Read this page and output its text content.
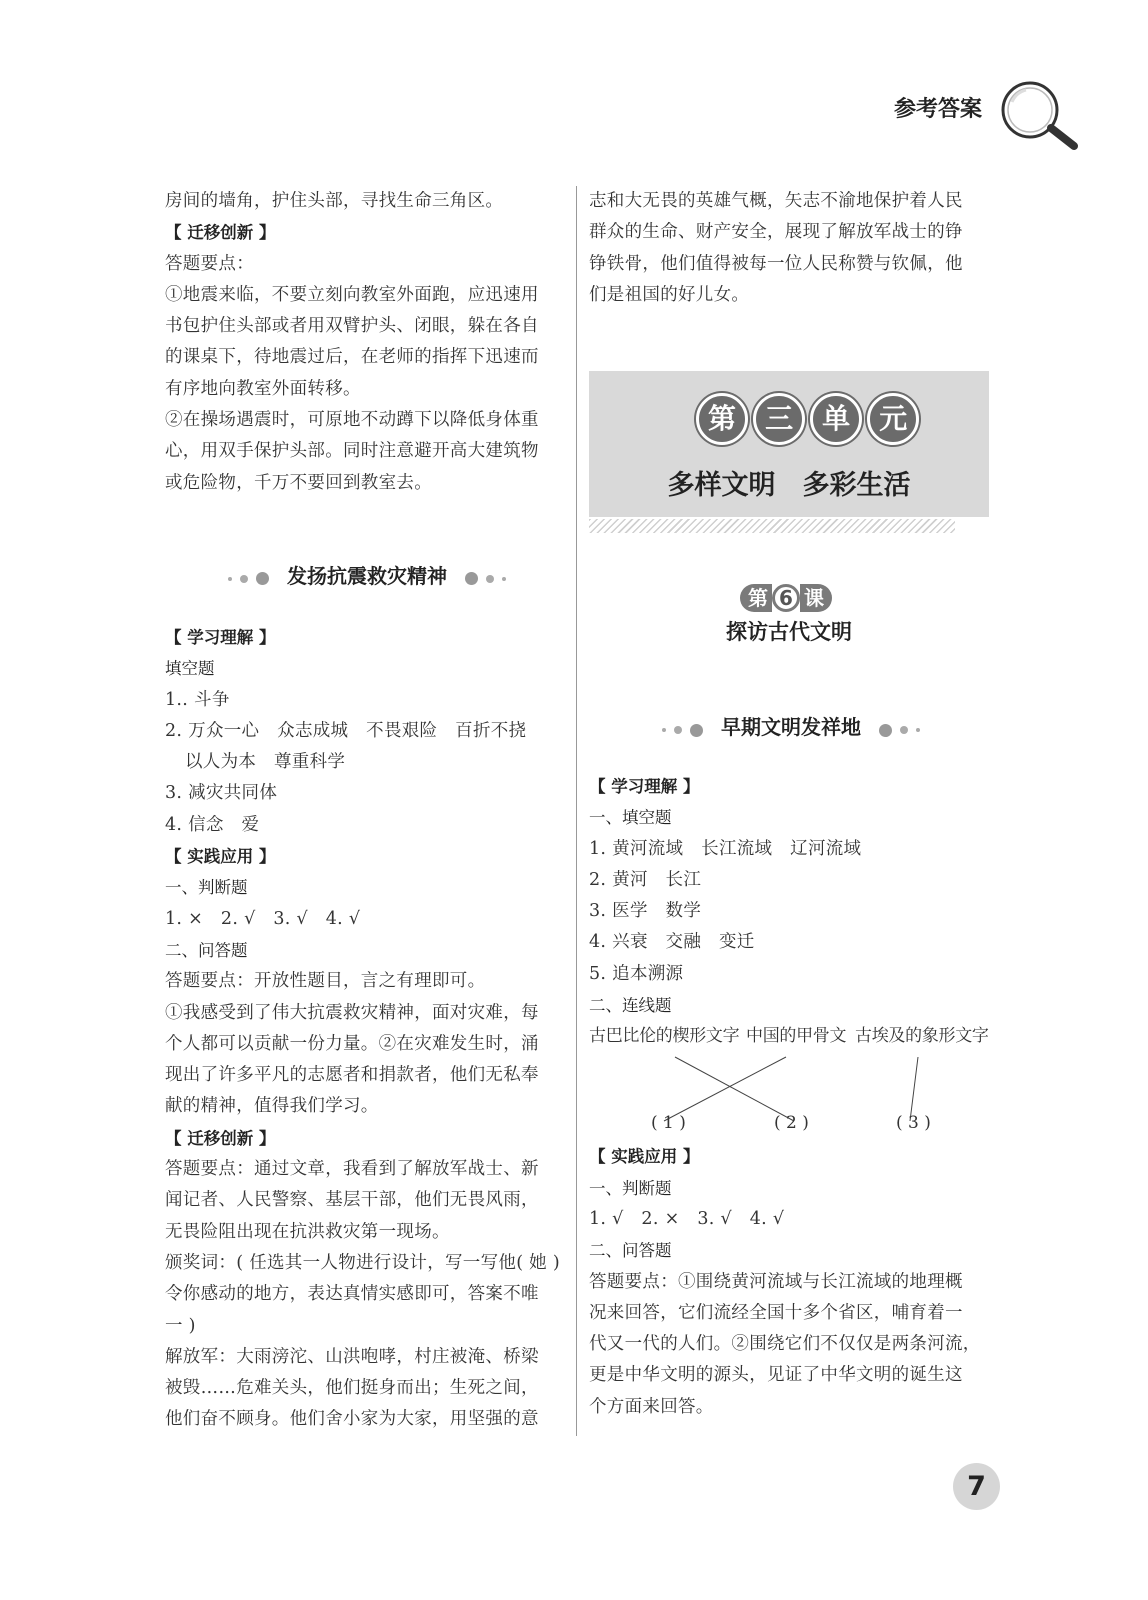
参考答案

房间的墙角，护住头部，寻找生命三角区。

【 迁移创新 】

答题要点：

①地震来临，不要立刻向教室外面跑，应迅速用

书包护住头部或者用双臂护头、闭眼，躲在各自

的课桌下，待地震过后，在老师的指挥下迅速而

有序地向教室外面转移。

②在操场遇震时，可原地不动蹲下以降低身体重

心，用双手保护头部。同时注意避开高大建筑物

或危险物，千万不要回到教室去。

发扬抗震救灾精神

【 学习理解 】

填空题

1.. 斗争

2. 万众一心　众志成城　不畏艰险　百折不挠

以人为本　尊重科学

3. 减灾共同体

4. 信念　爱

【 实践应用 】

一、判断题

1. ×　2. √　3. √　4. √

二、问答题

答题要点：开放性题目，言之有理即可。

①我感受到了伟大抗震救灾精神，面对灾难，每

个人都可以贡献一份力量。②在灾难发生时，涌

现出了许多平凡的志愿者和捐款者，他们无私奉

献的精神，值得我们学习。

【 迁移创新 】

答题要点：通过文章，我看到了解放军战士、新

闻记者、人民警察、基层干部，他们无畏风雨，

无畏险阻出现在抗洪救灾第一现场。

颁奖词：( 任选其一人物进行设计，写一写他( 她 )

令你感动的地方，表达真情实感即可，答案不唯

一 )

解放军：大雨滂沱、山洪咆哮，村庄被淹、桥梁

被毁……危难关头，他们挺身而出；生死之间，

他们奋不顾身。他们舍小家为大家，用坚强的意

志和大无畏的英雄气概，矢志不渝地保护着人民

群众的生命、财产安全，展现了解放军战士的铮

铮铁骨，他们值得被每一位人民称赞与钦佩，他

们是祖国的好儿女。

第 三 单 元
多样文明　多彩生活
第 6 课
探访古代文明
早期文明发祥地

【 学习理解 】

一、填空题

1. 黄河流域　长江流域　辽河流域

2. 黄河　长江

3. 医学　数学

4. 兴衰　交融　变迁

5. 追本溯源

二、连线题

古巴比伦的楔形文字 中国的甲骨文 古埃及的象形文字
( 1 )	( 2 )	( 3 )

【 实践应用 】

一、判断题

1. √　2. ×　3. √　4. √

二、问答题

答题要点：①围绕黄河流域与长江流域的地理概

况来回答，它们流经全国十多个省区，哺育着一

代又一代的人们。②围绕它们不仅仅是两条河流，

更是中华文明的源头，见证了中华文明的诞生这

个方面来回答。

7
